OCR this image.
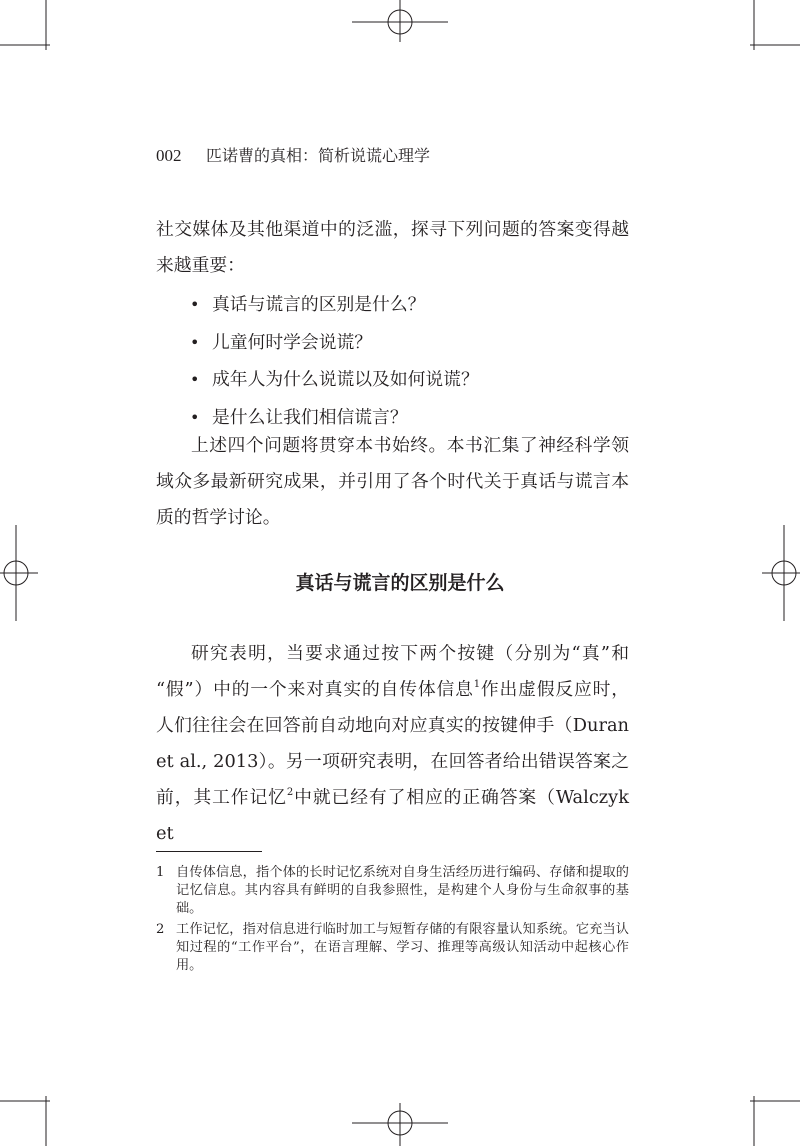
002 匹诺曹的真相：简析说谎心理学
社交媒体及其他渠道中的泛滥，探寻下列问题的答案变得越
来越重要：
• 真话与谎言的区别是什么？
• 儿童何时学会说谎？
• 成年人为什么说谎以及如何说谎？
• 是什么让我们相信谎言？
上述四个问题将贯穿本书始终。本书汇集了神经科学领
域众多最新研究成果，并引用了各个时代关于真话与谎言本
质的哲学讨论。
真话与谎言的区别是什么
研究表明，当要求通过按下两个按键（分别为“真”和
“假”）中的一个来对真实的自传体信息$^1$作出虚假反应时，
人们往往会在回答前自动地向对应真实的按键伸手（Duran
et al., 2013）。另一项研究表明，在回答者给出错误答案之
前，其工作记忆$^2$中就已经有了相应的正确答案（Walczyk et
1 自传体信息，指个体的长时记忆系统对自身生活经历进行编码、存储和提取的记忆信息。其内容具有鲜明的自我参照性，是构建个人身份与生命叙事的基础。
2 工作记忆，指对信息进行临时加工与短暂存储的有限容量认知系统。它充当认知过程的“工作平台”，在语言理解、学习、推理等高级认知活动中起核心作用。
